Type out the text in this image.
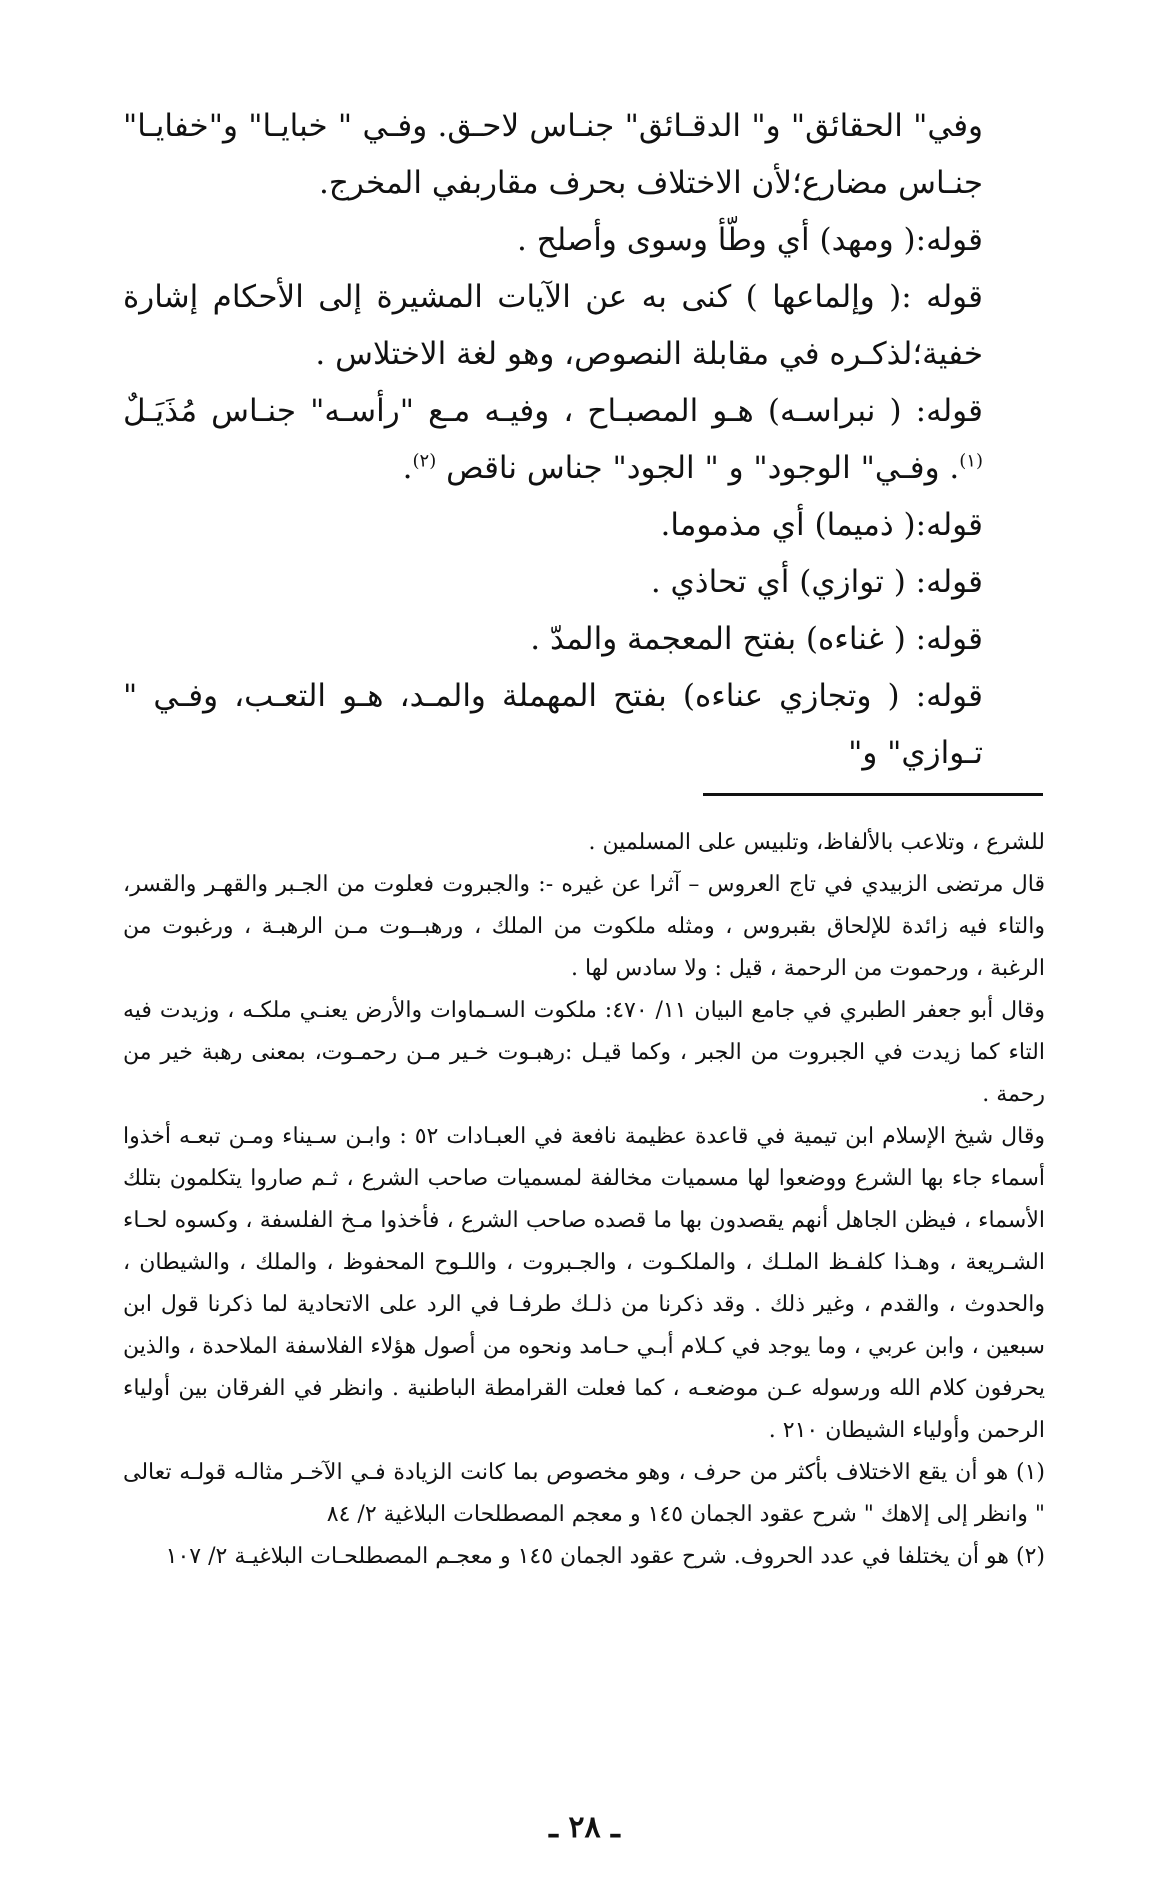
وفي" الحقائق" و" الدقـائق" جنـاس لاحـق. وفـي " خبايـا" و"خفايـا" جنـاس مضارع؛لأن الاختلاف بحرف مقاربفي المخرج.

قوله:( ومهد) أي وطّأ وسوى وأصلح .

قوله :( وإلماعها ) كنى به عن الآيات المشيرة إلى الأحكام إشارة خفية؛لذكـره في مقابلة النصوص، وهو لغة الاختلاس .

قوله: ( نبراسـه) هـو المصبـاح ، وفيـه مـع "رأسـه" جنـاس مُذَيَـلٌ $^{(١)}$. وفـي" الوجود" و " الجود" جناس ناقص $^{(٢)}$.

قوله:( ذميما) أي مذموما.

قوله: ( توازي) أي تحاذي .

قوله: ( غناءه) بفتح المعجمة والمدّ .

قوله: ( وتجازي عناءه) بفتح المهملة والمـد، هـو التعـب، وفـي " تـوازي" و"

للشرع ، وتلاعب بالألفاظ، وتلبيس على المسلمين .

قال مرتضى الزبيدي في تاج العروس – آثرا عن غيره -: والجبروت فعلوت من الجـبر والقهـر والقسر، والتاء فيه زائدة للإلحاق بقبروس ، ومثله ملكوت من الملك ، ورهبــوت مـن الرهبـة ، ورغبوت من الرغبة ، ورحموت من الرحمة ، قيل : ولا سادس لها .

وقال أبو جعفر الطبري في جامع البيان ١١/ ٤٧٠: ملكوت السـماوات والأرض يعنـي ملكـه ، وزيدت فيه التاء كما زيدت في الجبروت من الجبر ، وكما قيـل :رهبـوت خـير مـن رحمـوت، بمعنى رهبة خير من رحمة .

وقال شيخ الإسلام ابن تيمية في قاعدة عظيمة نافعة في العبـادات ٥٢ : وابـن سـيناء ومـن تبعـه أخذوا أسماء جاء بها الشرع ووضعوا لها مسميات مخالفة لمسميات صاحب الشرع ، ثـم صاروا يتكلمون بتلك الأسماء ، فيظن الجاهل أنهم يقصدون بها ما قصده صاحب الشرع ، فأخذوا مـخ الفلسفة ، وكسوه لحـاء الشـريعة ، وهـذا كلفـظ الملـك ، والملكـوت ، والجـبروت ، واللـوح المحفوظ ، والملك ، والشيطان ، والحدوث ، والقدم ، وغير ذلك . وقد ذكرنا من ذلـك طرفـا في الرد على الاتحادية لما ذكرنا قول ابن سبعين ، وابن عربي ، وما يوجد في كـلام أبـي حـامد ونحوه من أصول هؤلاء الفلاسفة الملاحدة ، والذين يحرفون كلام الله ورسوله عـن موضعـه ، كما فعلت القرامطة الباطنية . وانظر في الفرقان بين أولياء الرحمن وأولياء الشيطان ٢١٠ .

(١) هو أن يقع الاختلاف بأكثر من حرف ، وهو مخصوص بما كانت الزيادة فـي الآخـر مثالـه قولـه تعالى " وانظر إلى إلاهك " شرح عقود الجمان ١٤٥ و معجم المصطلحات البلاغية ٢/ ٨٤

(٢) هو أن يختلفا في عدد الحروف. شرح عقود الجمان ١٤٥ و معجـم المصطلحـات البلاغيـة ٢/ ١٠٧

ـ ٢٨ ـ
